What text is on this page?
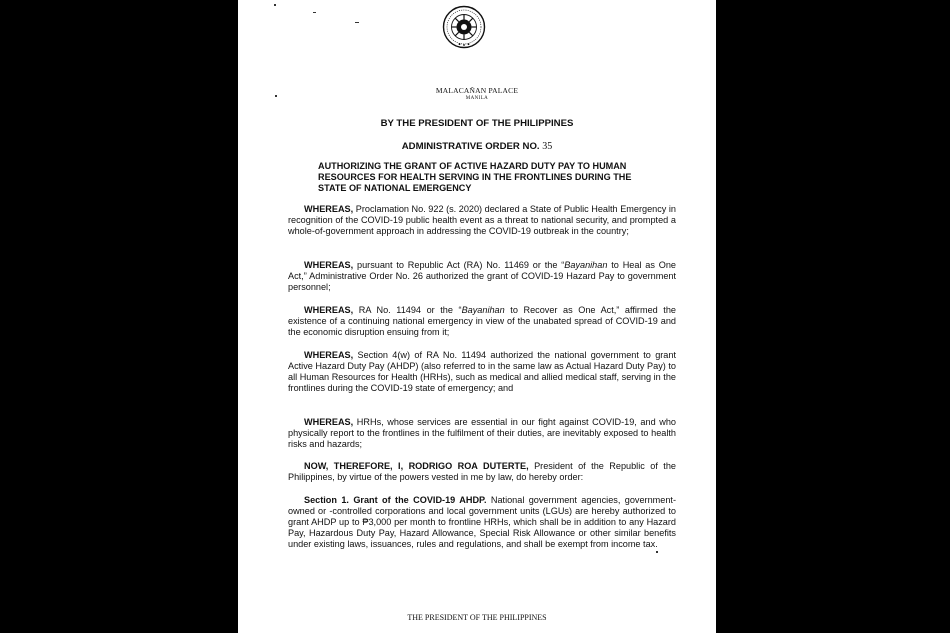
MALACAÑAN PALACE
MANILA
BY THE PRESIDENT OF THE PHILIPPINES
ADMINISTRATIVE ORDER NO. 35
AUTHORIZING THE GRANT OF ACTIVE HAZARD DUTY PAY TO HUMAN RESOURCES FOR HEALTH SERVING IN THE FRONTLINES DURING THE STATE OF NATIONAL EMERGENCY
WHEREAS, Proclamation No. 922 (s. 2020) declared a State of Public Health Emergency in recognition of the COVID-19 public health event as a threat to national security, and prompted a whole-of-government approach in addressing the COVID-19 outbreak in the country;
WHEREAS, pursuant to Republic Act (RA) No. 11469 or the “Bayanihan to Heal as One Act,” Administrative Order No. 26 authorized the grant of COVID-19 Hazard Pay to government personnel;
WHEREAS, RA No. 11494 or the “Bayanihan to Recover as One Act,” affirmed the existence of a continuing national emergency in view of the unabated spread of COVID-19 and the economic disruption ensuing from it;
WHEREAS, Section 4(w) of RA No. 11494 authorized the national government to grant Active Hazard Duty Pay (AHDP) (also referred to in the same law as Actual Hazard Duty Pay) to all Human Resources for Health (HRHs), such as medical and allied medical staff, serving in the frontlines during the COVID-19 state of emergency; and
WHEREAS, HRHs, whose services are essential in our fight against COVID-19, and who physically report to the frontlines in the fulfilment of their duties, are inevitably exposed to health risks and hazards;
NOW, THEREFORE, I, RODRIGO ROA DUTERTE, President of the Republic of the Philippines, by virtue of the powers vested in me by law, do hereby order:
Section 1. Grant of the COVID-19 AHDP. National government agencies, government-owned or -controlled corporations and local government units (LGUs) are hereby authorized to grant AHDP up to ₱3,000 per month to frontline HRHs, which shall be in addition to any Hazard Pay, Hazardous Duty Pay, Hazard Allowance, Special Risk Allowance or other similar benefits under existing laws, issuances, rules and regulations, and shall be exempt from income tax.
THE PRESIDENT OF THE PHILIPPINES
